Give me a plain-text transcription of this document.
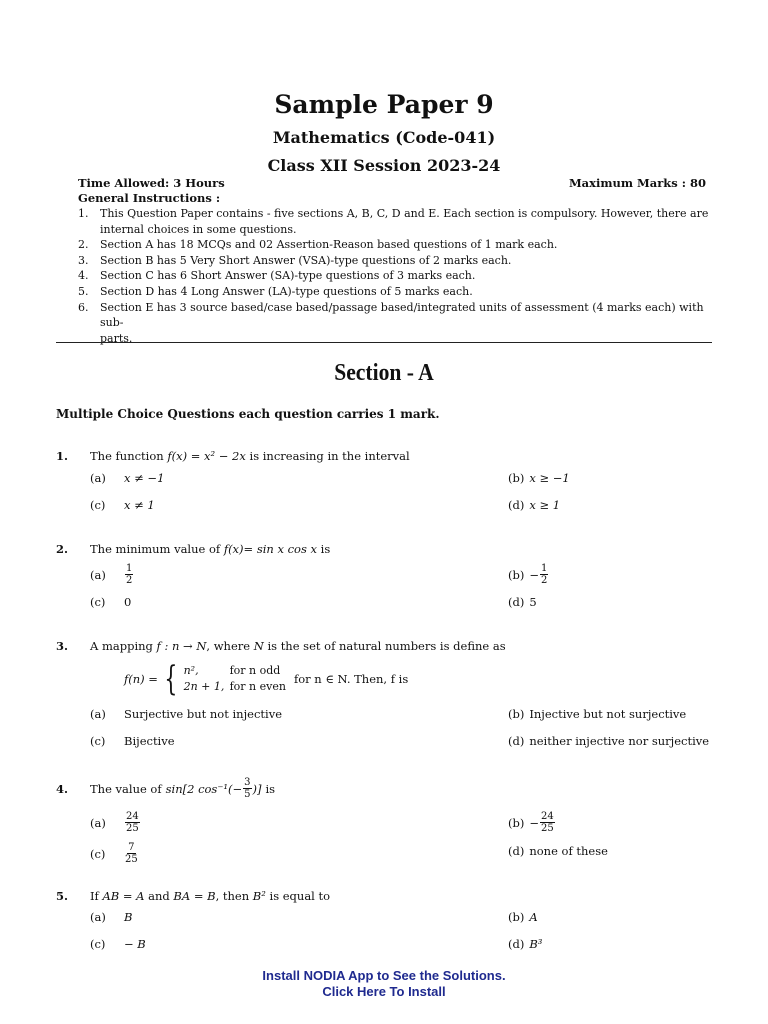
Sample Paper 9
Mathematics (Code-041)
Class XII Session 2023-24
Time Allowed: 3 Hours	Maximum Marks : 80
General Instructions :
1.	This Question Paper contains - five sections A, B, C, D and E. Each section is compulsory. However, there are
internal choices in some questions.
2.	Section A has 18 MCQs and 02 Assertion-Reason based questions of 1 mark each.
3.	Section B has 5 Very Short Answer (VSA)-type questions of 2 marks each.
4.	Section C has 6 Short Answer (SA)-type questions of 3 marks each.
5.	Section D has 4 Long Answer (LA)-type questions of 5 marks each.
6.	Section E has 3 source based/case based/passage based/integrated units of assessment (4 marks each) with sub-
parts.
Section - A
Multiple Choice Questions each question carries 1 mark.
1. The function f(x) = x² − 2x is increasing in the interval
(a)	x ≠ −1	(b) x ≥ −1
(c)	x ≠ 1	(d) x ≥ 1
2. The minimum value of f(x)= sin x cos x is
(a)	$\frac{1}{2}$	$(b) - \frac{1}{2}$
(c)	0	(d) 5
3. A mapping f : n → N, where N is the set of natural numbers is define as
f(n) = { n²,	for n odd
2n + 1, for n even
for n ∈ N. Then, f is
(a)	Surjective but not injective	(b) Injective but not surjective
(c)	Bijective	(d) neither injective nor surjective
4. The value of sin[2 $\cos^{-1}(- \frac{3}{5}$ )] is
(a)	$\frac{24}{25}$	$(b) - \frac{24}{25}$
(c)	$\frac{7}{25}$	(d) none of these
5. If AB = A and BA = B, then B² is equal to
(a)	B	(b) A
(c)	− B	(d) B³
Install NODIA App to See the Solutions.
Click Here To Install
